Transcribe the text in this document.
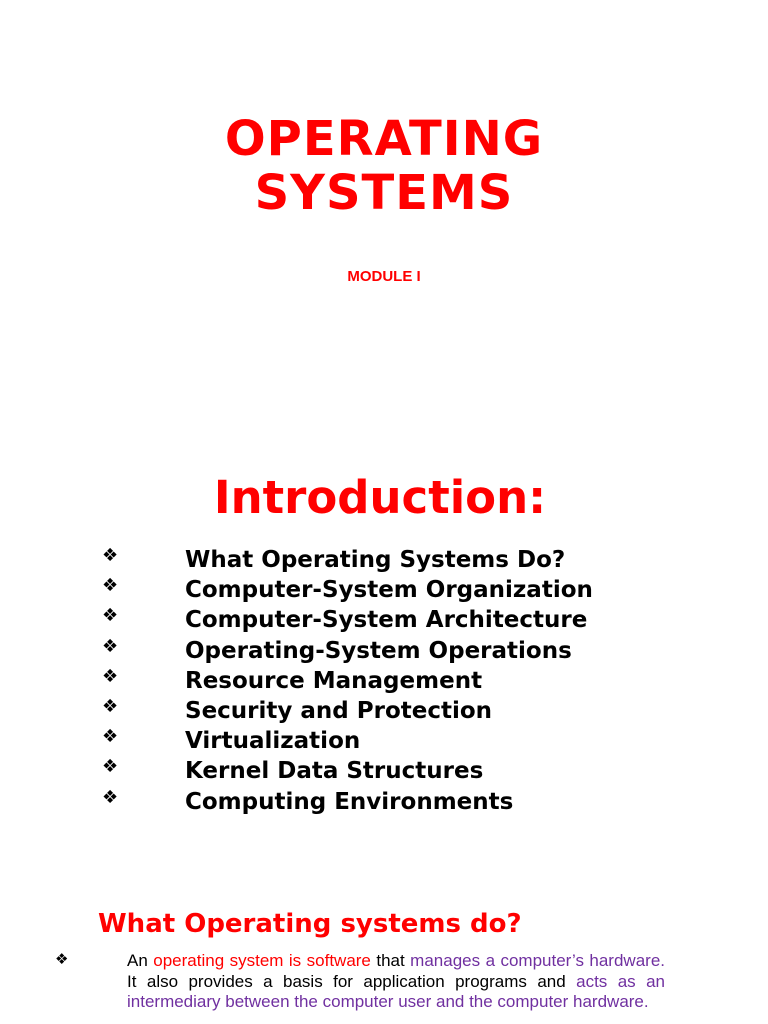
OPERATING
SYSTEMS
MODULE I
Introduction:
❖	What Operating Systems Do?
❖	Computer-System Organization
❖	Computer-System Architecture
❖	Operating-System Operations
❖	Resource Management
❖	Security and Protection
❖	Virtualization
❖	Kernel Data Structures
❖	Computing Environments
What Operating systems do?
❖	An operating system is software that manages a computer’s hardware. It also provides a basis for application programs and acts as an intermediary between the computer user and the computer hardware.
